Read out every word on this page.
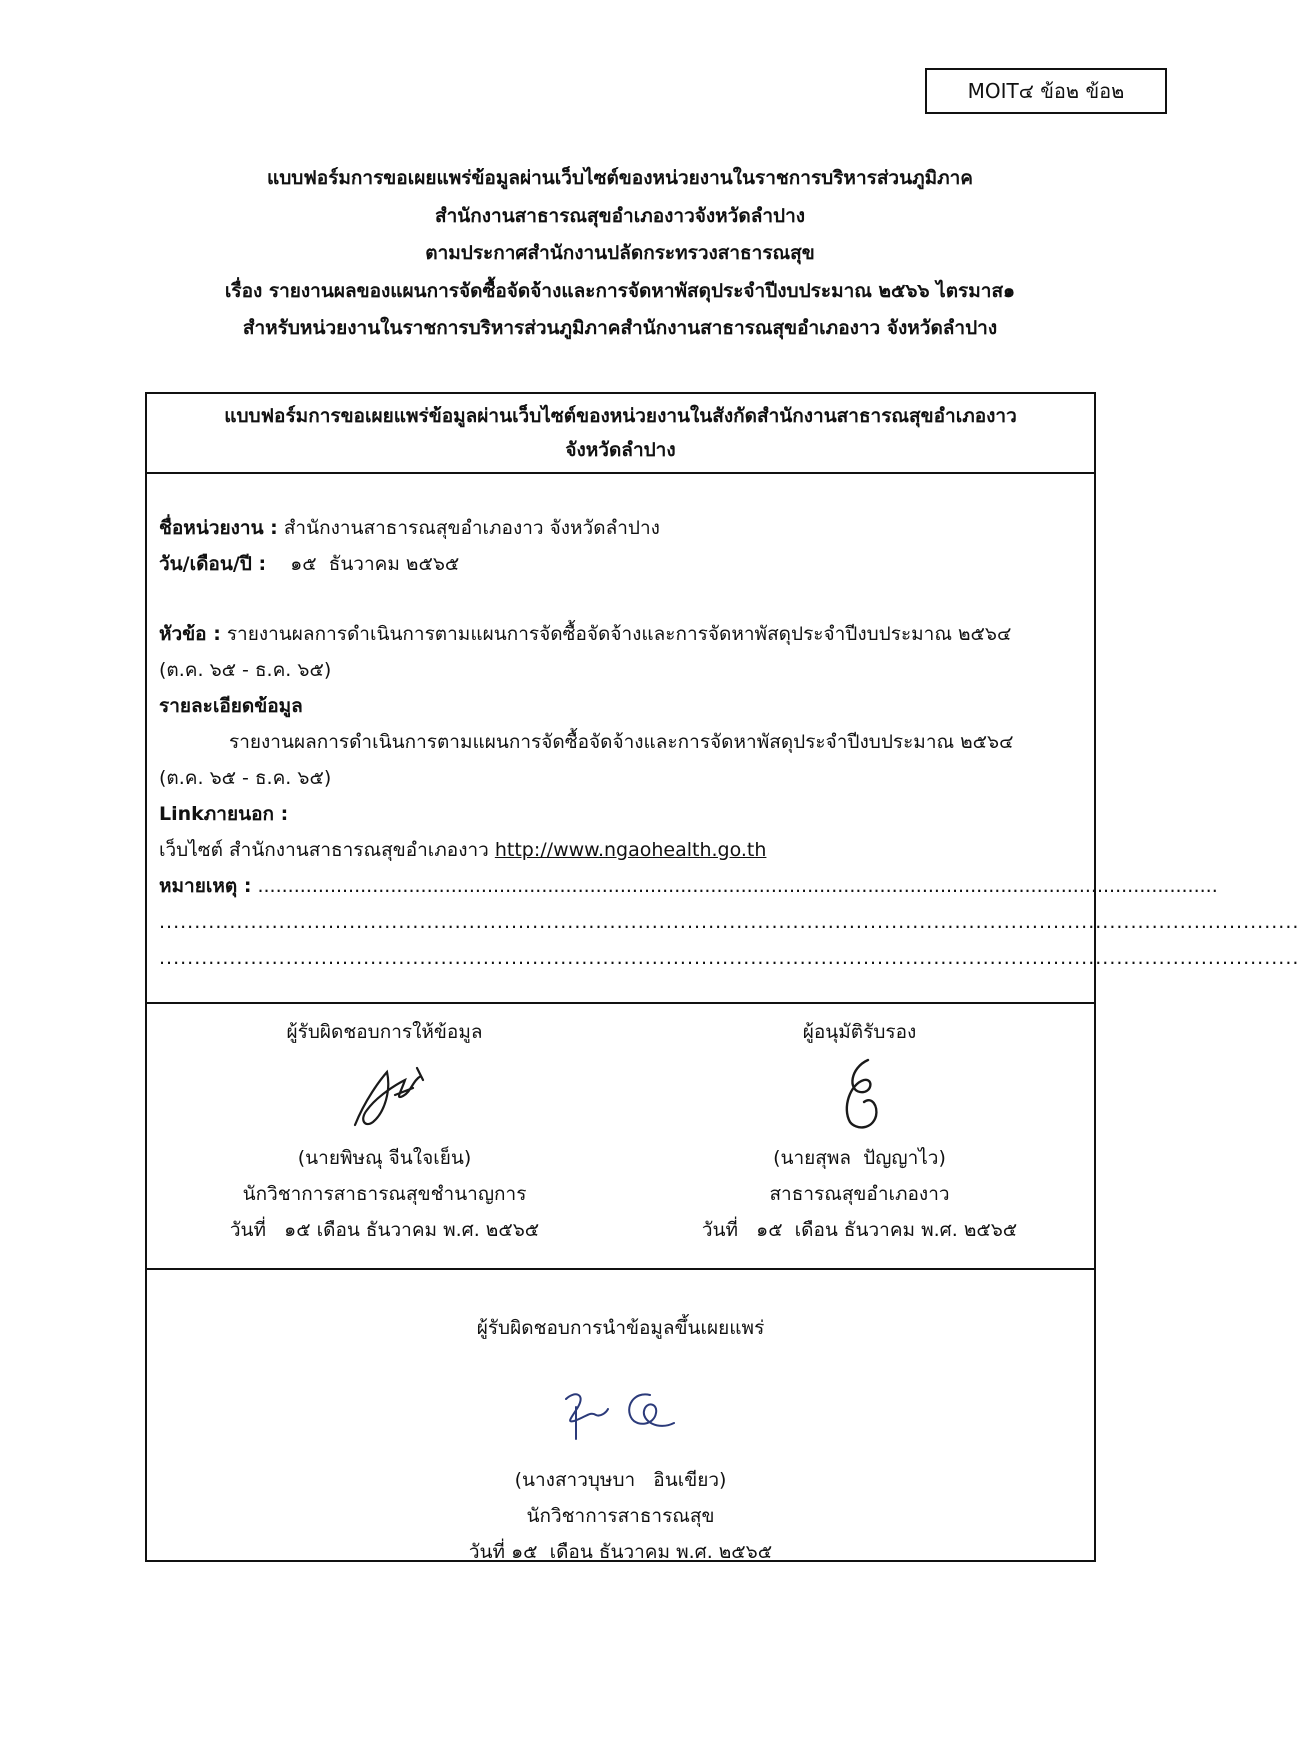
MOIT๔ ข้อ๒ ข้อ๒
แบบฟอร์มการขอเผยแพร่ข้อมูลผ่านเว็บไซต์ของหน่วยงานในราชการบริหารส่วนภูมิภาค
สำนักงานสาธารณสุขอำเภองาวจังหวัดลำปาง
ตามประกาศสำนักงานปลัดกระทรวงสาธารณสุข
เรื่อง รายงานผลของแผนการจัดซื้อจัดจ้างและการจัดหาพัสดุประจำปีงบประมาณ ๒๕๖๖ ไตรมาส๑
สำหรับหน่วยงานในราชการบริหารส่วนภูมิภาคสำนักงานสาธารณสุขอำเภองาว จังหวัดลำปาง
แบบฟอร์มการขอเผยแพร่ข้อมูลผ่านเว็บไซต์ของหน่วยงานในสังกัดสำนักงานสาธารณสุขอำเภองาว
จังหวัดลำปาง
ชื่อหน่วยงาน : สำนักงานสาธารณสุขอำเภองาว จังหวัดลำปาง
วัน/เดือน/ปี :    ๑๕  ธันวาคม ๒๕๖๕
หัวข้อ : รายงานผลการดำเนินการตามแผนการจัดซื้อจัดจ้างและการจัดหาพัสดุประจำปีงบประมาณ ๒๕๖๔
(ต.ค. ๖๕ - ธ.ค. ๖๕)
รายละเอียดข้อมูล
รายงานผลการดำเนินการตามแผนการจัดซื้อจัดจ้างและการจัดหาพัสดุประจำปีงบประมาณ ๒๕๖๔
(ต.ค. ๖๕ - ธ.ค. ๖๕)
Linkภายนอก :
เว็บไซต์ สำนักงานสาธารณสุขอำเภองาว http://www.ngaohealth.go.th
หมายเหตุ : ...............................................................................................................................................................
..................................................................................................................................................................
..................................................................................................................................................................
ผู้รับผิดชอบการให้ข้อมูล
(นายพิษณุ จีนใจเย็น)
นักวิชาการสาธารณสุขชำนาญการ
วันที่   ๑๕ เดือน ธันวาคม พ.ศ. ๒๕๖๕
ผู้อนุมัติรับรอง
(นายสุพล  ปัญญาไว)
สาธารณสุขอำเภองาว
วันที่   ๑๕  เดือน ธันวาคม พ.ศ. ๒๕๖๕
ผู้รับผิดชอบการนำข้อมูลขึ้นเผยแพร่
(นางสาวบุษบา   อินเขียว)
นักวิชาการสาธารณสุข
วันที่ ๑๕  เดือน ธันวาคม พ.ศ. ๒๕๖๕
